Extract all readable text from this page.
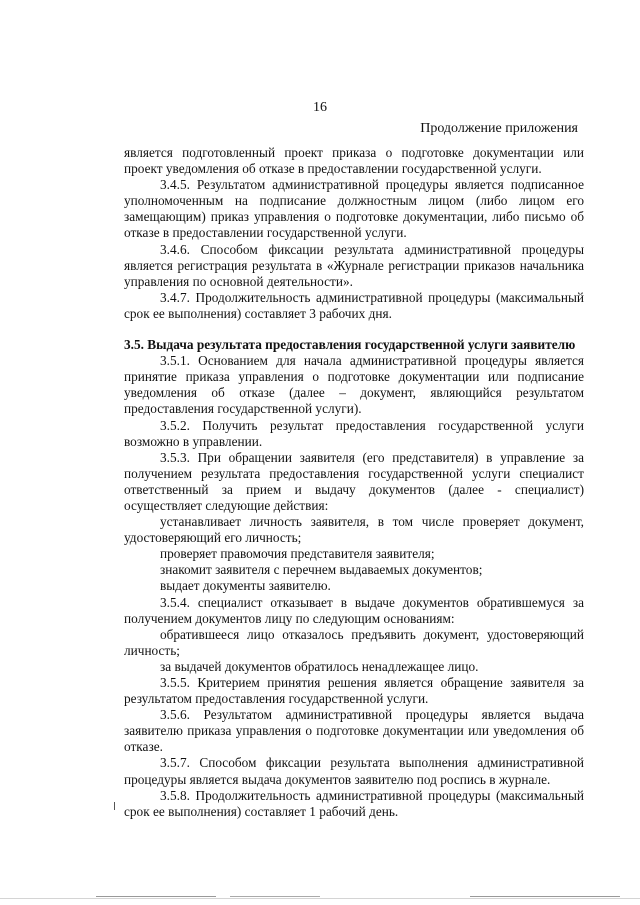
16
Продолжение приложения

является подготовленный проект приказа о подготовке документации или проект уведомления об отказе в предоставлении государственной услуги.

3.4.5. Результатом административной процедуры является подписанное уполномоченным на подписание должностным лицом (либо лицом его замещающим) приказ управления о подготовке документации, либо письмо об отказе в предоставлении государственной услуги.

3.4.6. Способом фиксации результата административной процедуры является регистрация результата в «Журнале регистрации приказов начальника управления по основной деятельности».

3.4.7. Продолжительность административной процедуры (максимальный срок ее выполнения) составляет 3 рабочих дня.

3.5. Выдача результата предоставления государственной услуги заявителю

3.5.1. Основанием для начала административной процедуры является принятие приказа управления о подготовке документации или подписание уведомления об отказе (далее – документ, являющийся результатом предоставления государственной услуги).

3.5.2. Получить результат предоставления государственной услуги возможно в управлении.

3.5.3. При обращении заявителя (его представителя) в управление за получением результата предоставления государственной услуги специалист ответственный за прием и выдачу документов (далее - специалист) осуществляет следующие действия:

устанавливает личность заявителя, в том числе проверяет документ, удостоверяющий его личность;

проверяет правомочия представителя заявителя;

знакомит заявителя с перечнем выдаваемых документов;

выдает документы заявителю.

3.5.4. специалист отказывает в выдаче документов обратившемуся за получением документов лицу по следующим основаниям:

обратившееся лицо отказалось предъявить документ, удостоверяющий личность;

за выдачей документов обратилось ненадлежащее лицо.

3.5.5. Критерием принятия решения является обращение заявителя за результатом предоставления государственной услуги.

3.5.6. Результатом административной процедуры является выдача заявителю приказа управления о подготовке документации или уведомления об отказе.

3.5.7. Способом фиксации результата выполнения административной процедуры является выдача документов заявителю под роспись в журнале.

3.5.8. Продолжительность административной процедуры (максимальный срок ее выполнения) составляет 1 рабочий день.
